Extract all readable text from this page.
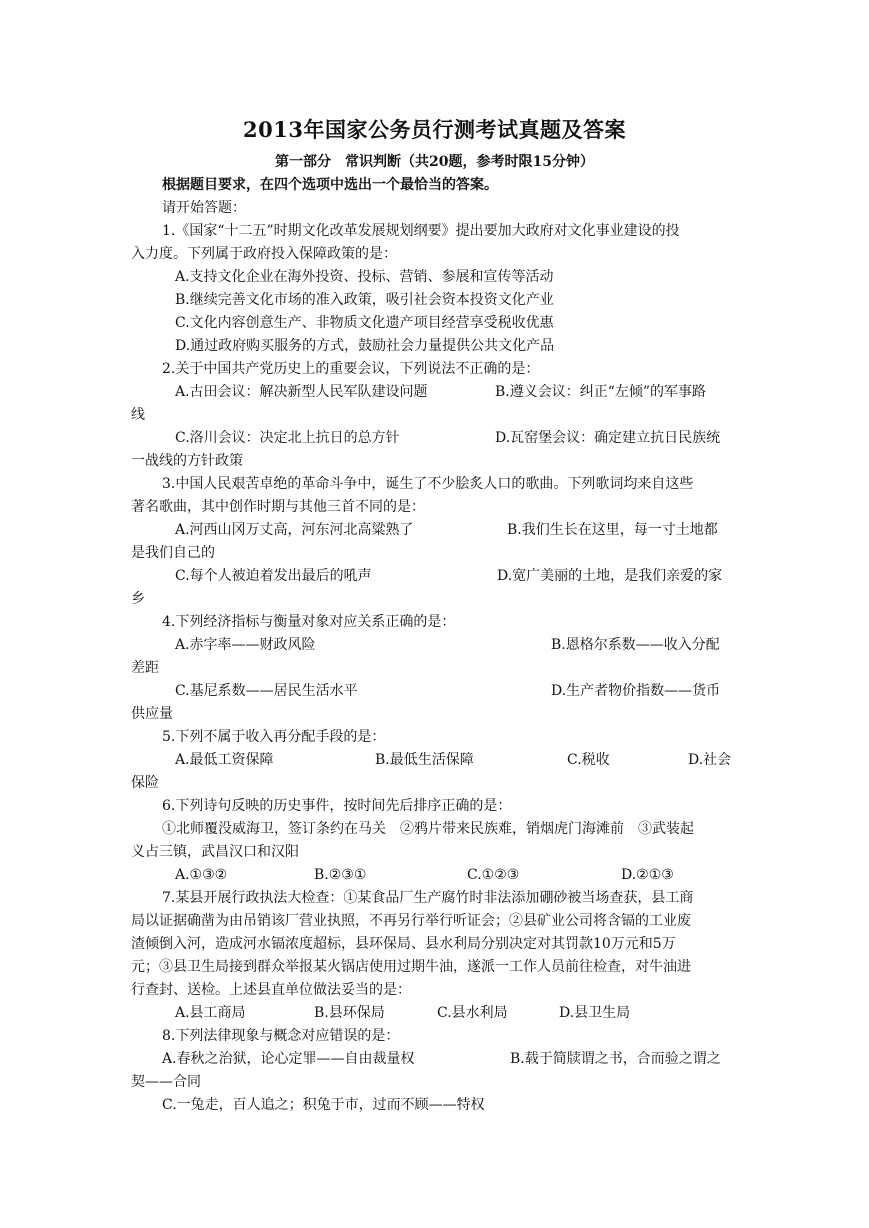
2013年国家公务员行测考试真题及答案
第一部分　常识判断（共20题，参考时限15分钟）
根据题目要求，在四个选项中选出一个最恰当的答案。
请开始答题：
1.《国家“十二五”时期文化改革发展规划纲要》提出要加大政府对文化事业建设的投
入力度。下列属于政府投入保障政策的是：
A.支持文化企业在海外投资、投标、营销、参展和宣传等活动
B.继续完善文化市场的准入政策，吸引社会资本投资文化产业
C.文化内容创意生产、非物质文化遗产项目经营享受税收优惠
D.通过政府购买服务的方式，鼓励社会力量提供公共文化产品
2.关于中国共产党历史上的重要会议，下列说法不正确的是：
A.古田会议：解决新型人民军队建设问题	B.遵义会议：纠正“左倾”的军事路
线
C.洛川会议：决定北上抗日的总方针	D.瓦窑堡会议：确定建立抗日民族统
一战线的方针政策
3.中国人民艰苦卓绝的革命斗争中，诞生了不少脍炙人口的歌曲。下列歌词均来自这些
著名歌曲，其中创作时期与其他三首不同的是：
A.河西山冈万丈高，河东河北高粱熟了	B.我们生长在这里，每一寸土地都
是我们自己的
C.每个人被迫着发出最后的吼声	D.宽广美丽的土地，是我们亲爱的家
乡
4.下列经济指标与衡量对象对应关系正确的是：
A.赤字率——财政风险	B.恩格尔系数——收入分配
差距
C.基尼系数——居民生活水平	D.生产者物价指数——货币
供应量
5.下列不属于收入再分配手段的是：
A.最低工资保障	B.最低生活保障	C.税收	D.社会
保险
6.下列诗句反映的历史事件，按时间先后排序正确的是：
①北师覆没威海卫，签订条约在马关　②鸦片带来民族难，销烟虎门海滩前　③武装起
义占三镇，武昌汉口和汉阳
A.①③②	B.②③①	C.①②③	D.②①③
7.某县开展行政执法大检查：①某食品厂生产腐竹时非法添加硼砂被当场查获，县工商
局以证据确凿为由吊销该厂营业执照，不再另行举行听证会；②县矿业公司将含镉的工业废
渣倾倒入河，造成河水镉浓度超标，县环保局、县水利局分别决定对其罚款10万元和5万
元；③县卫生局接到群众举报某火锅店使用过期牛油，遂派一工作人员前往检查，对牛油进
行查封、送检。上述县直单位做法妥当的是：
A.县工商局	B.县环保局	C.县水利局	D.县卫生局
8.下列法律现象与概念对应错误的是：
A.春秋之治狱，论心定罪——自由裁量权	B.载于简牍谓之书，合而验之谓之
契——合同
C.一兔走，百人追之；积兔于市，过而不顾——特权
